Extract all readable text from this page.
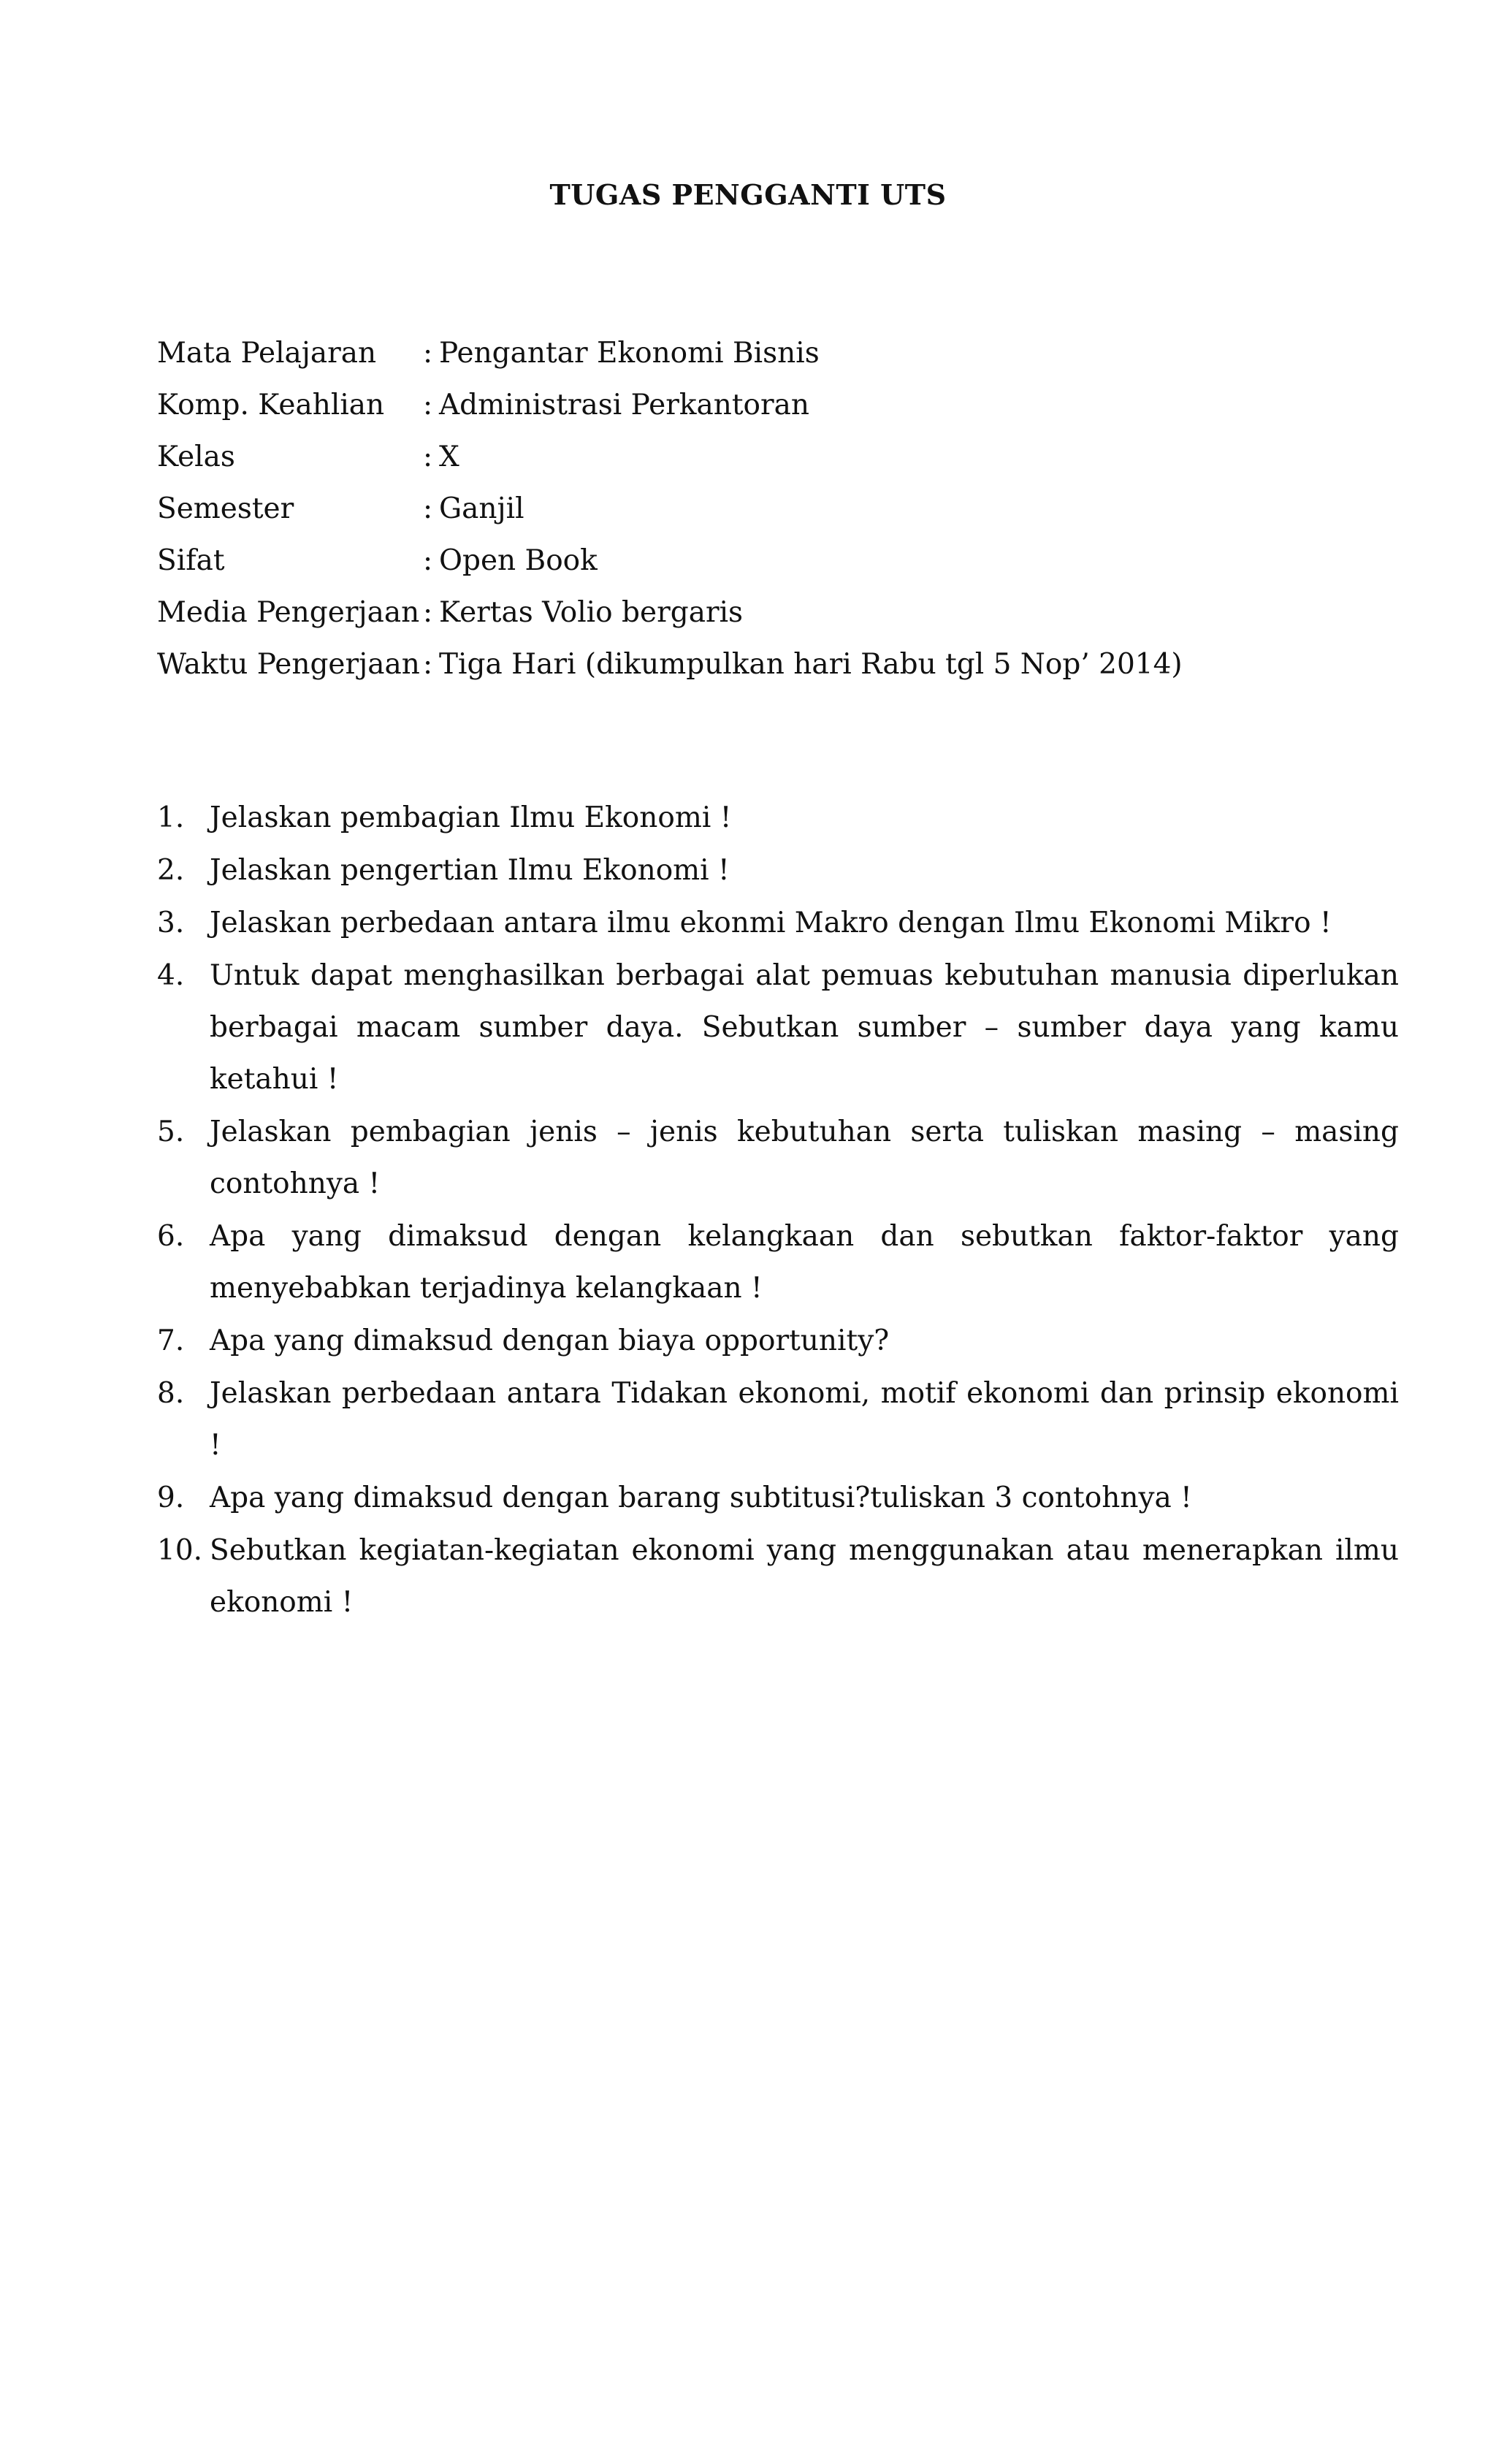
TUGAS PENGGANTI UTS
Mata Pelajaran	: Pengantar Ekonomi Bisnis
Komp. Keahlian	: Administrasi Perkantoran
Kelas	: X
Semester	: Ganjil
Sifat	: Open Book
Media Pengerjaan : Kertas Volio bergaris
Waktu Pengerjaan : Tiga Hari (dikumpulkan hari Rabu tgl 5 Nop’ 2014)
1. Jelaskan pembagian Ilmu Ekonomi !
2. Jelaskan pengertian Ilmu Ekonomi !
3. Jelaskan perbedaan antara ilmu ekonmi Makro dengan Ilmu Ekonomi Mikro !
4. Untuk dapat menghasilkan berbagai alat pemuas kebutuhan manusia diperlukan berbagai macam sumber daya. Sebutkan sumber – sumber daya yang kamu ketahui !
5. Jelaskan pembagian jenis – jenis kebutuhan serta tuliskan masing – masing contohnya !
6. Apa yang dimaksud dengan kelangkaan dan sebutkan faktor-faktor yang menyebabkan terjadinya kelangkaan !
7. Apa yang dimaksud dengan biaya opportunity?
8. Jelaskan perbedaan antara Tidakan ekonomi, motif ekonomi dan prinsip ekonomi !
9. Apa yang dimaksud dengan barang subtitusi?tuliskan 3 contohnya !
10. Sebutkan kegiatan-kegiatan ekonomi yang menggunakan atau menerapkan ilmu ekonomi !
